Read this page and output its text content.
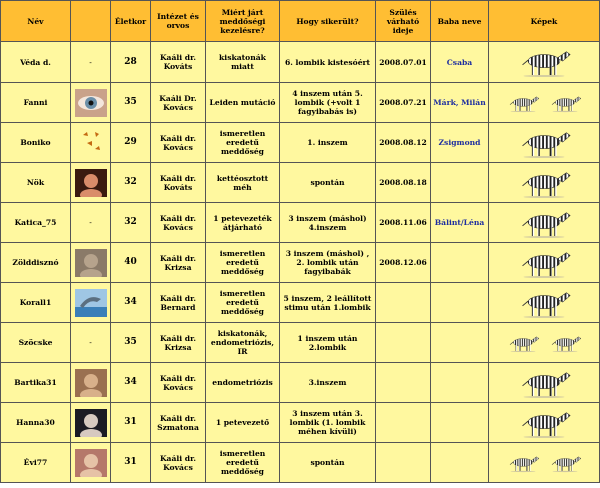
Név		Életkor	Intézet és orvos	Miért járt meddőségi kezelésre?	Hogy sikerült?	Szülés várható ideje	Baba neve	Képek
Véda d.	-	28	Kaáli dr. Kováts	kiskatonák miatt	6. lombik kistesóért	2008.07.01	Csaba	

Fanni		35	Kaáli Dr. Kovács	Leiden mutáció	4 inszem után 5. lombik (+volt 1 fagyibabás is)	2008.07.21	Márk, Milán	

Boniko		29	Kaáli dr. Kovács	ismeretlen eredetű meddőség	1. inszem	2008.08.12	Zsigmond	

Nök		32	Kaáli dr. Kováts	kettéosztott méh	spontán	2008.08.18		

Katica_75	-	32	Kaáli dr. Kovács	1 petevezeték átjárható	3 inszem (máshol) 4.inszem	2008.11.06	Bálint/Léna	

Zölddisznó		40	Kaáli dr. Krizsa	ismeretlen eredetű meddőség	3 inszem (máshol) , 2. lombik után fagyibabák	2008.12.06		

Korall1		34	Kaáli dr. Bernard	ismeretlen eredetű meddőség	5 inszem, 2 leállított stimu után 1.lombik			

Szöcske	-	35	Kaáli dr. Krizsa	kiskatonák, endometriózis, IR	1 inszem után 2.lombik			

Bartika31		34	Kaáli dr. Kovács	endometriózis	3.inszem			

Hanna30		31	Kaáli dr. Szmatona	1 petevezető	3 inszem után 3. lombik (1. lombik méhen kívüli)			

Évi77		31	Kaáli dr. Kovács	ismeretlen eredetű meddőség	spontán			
